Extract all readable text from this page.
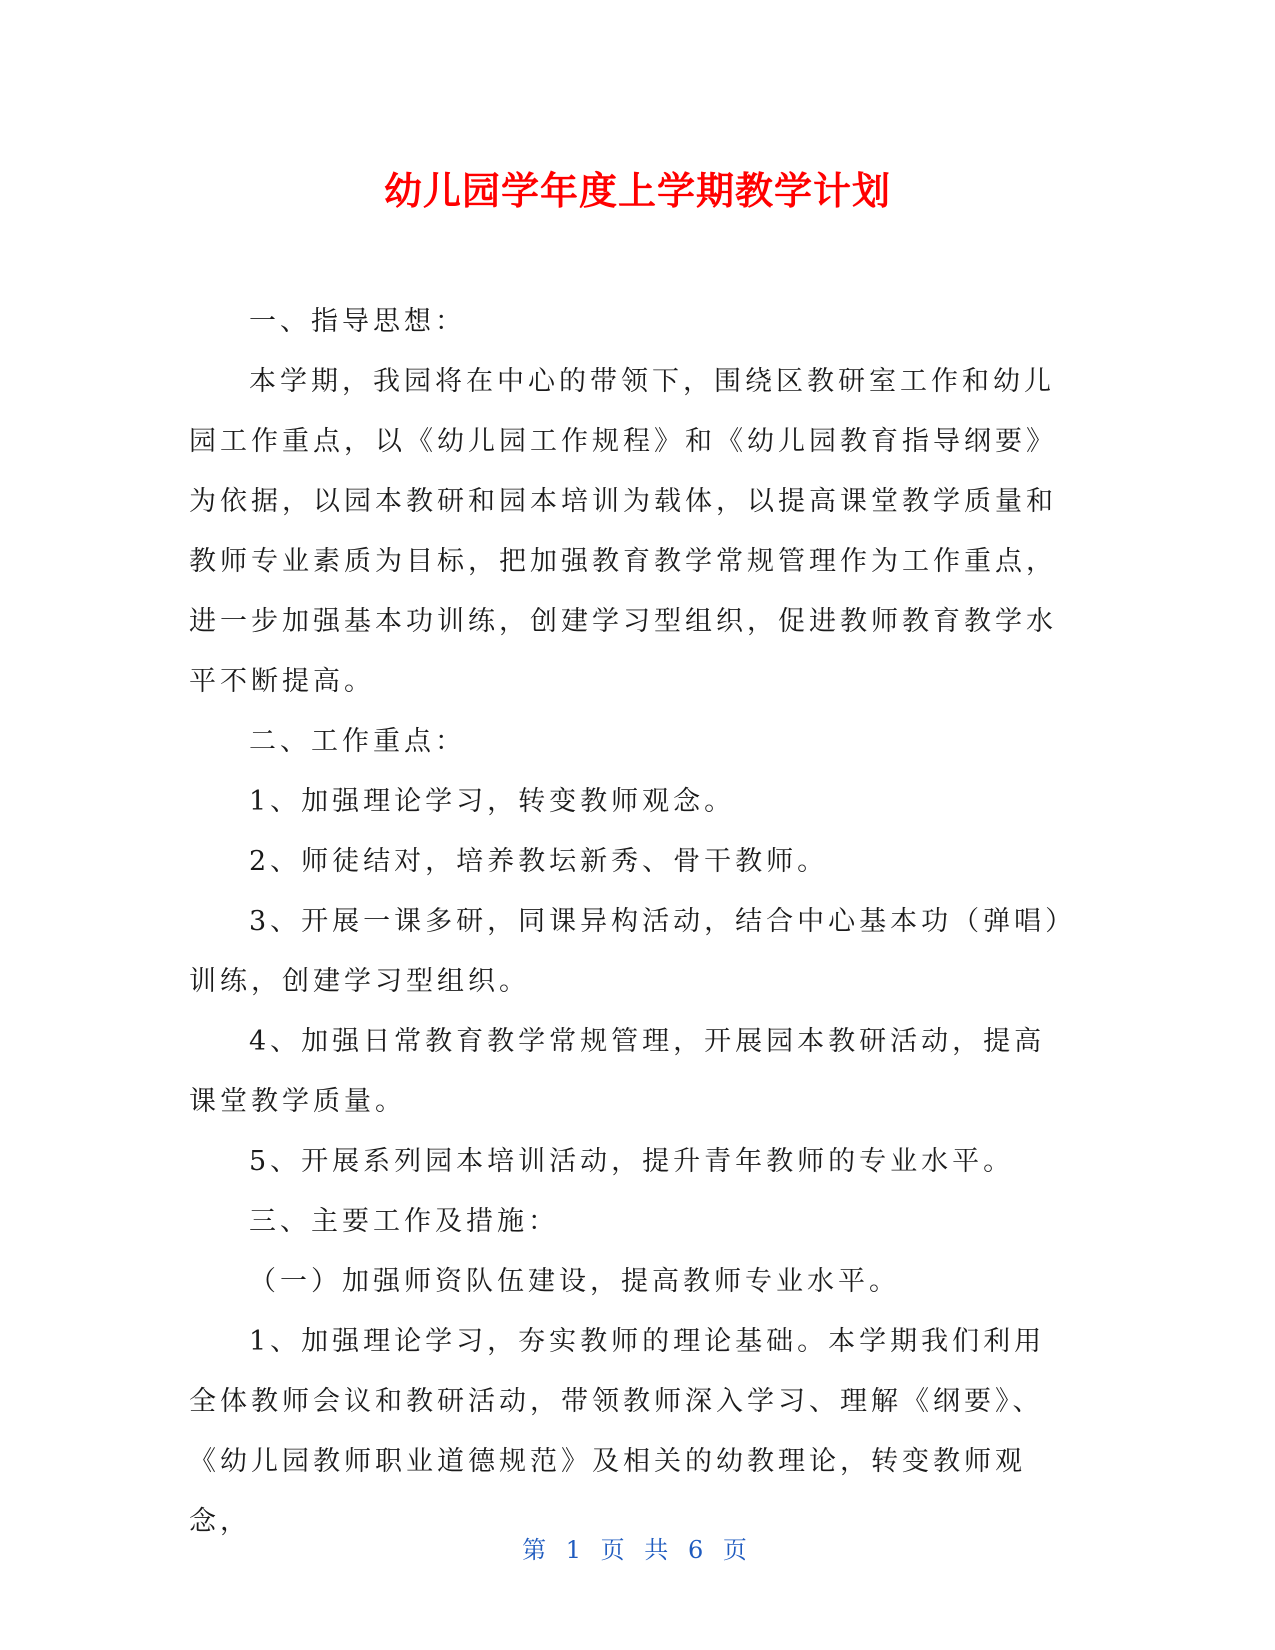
幼儿园学年度上学期教学计划

一、指导思想：

本学期，我园将在中心的带领下，围绕区教研室工作和幼儿园工作重点，以《幼儿园工作规程》和《幼儿园教育指导纲要》为依据，以园本教研和园本培训为载体，以提高课堂教学质量和教师专业素质为目标，把加强教育教学常规管理作为工作重点，进一步加强基本功训练，创建学习型组织，促进教师教育教学水平不断提高。

二、工作重点：

1、加强理论学习，转变教师观念。

2、师徒结对，培养教坛新秀、骨干教师。

3、开展一课多研，同课异构活动，结合中心基本功（弹唱）训练，创建学习型组织。

4、加强日常教育教学常规管理，开展园本教研活动，提高课堂教学质量。

5、开展系列园本培训活动，提升青年教师的专业水平。

三、主要工作及措施：

（一）加强师资队伍建设，提高教师专业水平。

1、加强理论学习，夯实教师的理论基础。本学期我们利用全体教师会议和教研活动，带领教师深入学习、理解《纲要》、《幼儿园教师职业道德规范》及相关的幼教理论，转变教师观念，

第 1 页 共 6 页
